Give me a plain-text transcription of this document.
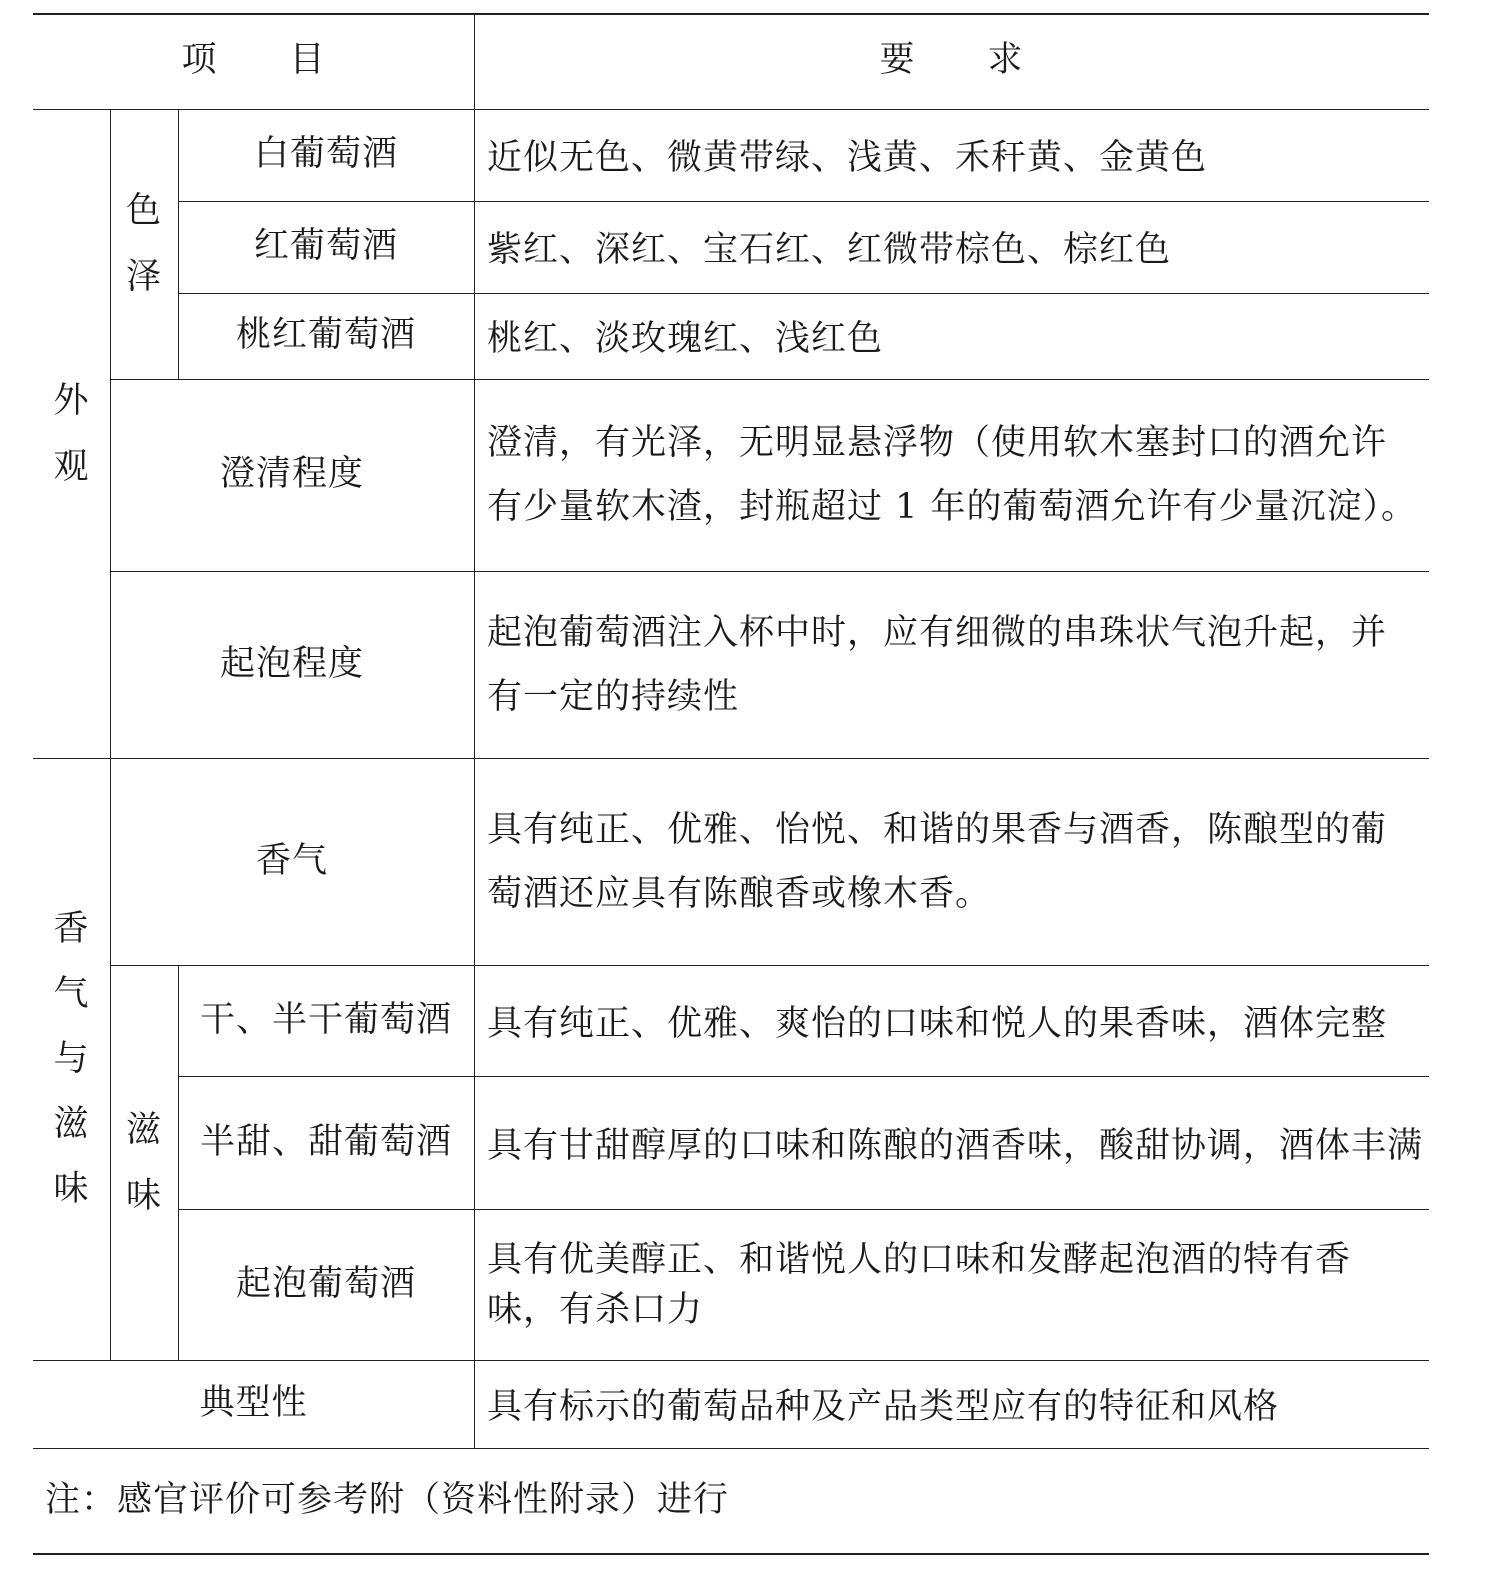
项　　目	要　　求
外观
色泽
香气与滋味
滋味
白葡萄酒
红葡萄酒
桃红葡萄酒
澄清程度
起泡程度
香气
干、半干葡萄酒
半甜、甜葡萄酒
起泡葡萄酒
典型性
近似无色、微黄带绿、浅黄、禾秆黄、金黄色
紫红、深红、宝石红、红微带棕色、棕红色
桃红、淡玫瑰红、浅红色
澄清，有光泽，无明显悬浮物（使用软木塞封口的酒允许
有少量软木渣，封瓶超过 1 年的葡萄酒允许有少量沉淀）。
起泡葡萄酒注入杯中时，应有细微的串珠状气泡升起，并
有一定的持续性
具有纯正、优雅、怡悦、和谐的果香与酒香，陈酿型的葡
萄酒还应具有陈酿香或橡木香。
具有纯正、优雅、爽怡的口味和悦人的果香味，酒体完整
具有甘甜醇厚的口味和陈酿的酒香味，酸甜协调，酒体丰满
具有优美醇正、和谐悦人的口味和发酵起泡酒的特有香
味，有杀口力
具有标示的葡萄品种及产品类型应有的特征和风格
注：感官评价可参考附（资料性附录）进行
